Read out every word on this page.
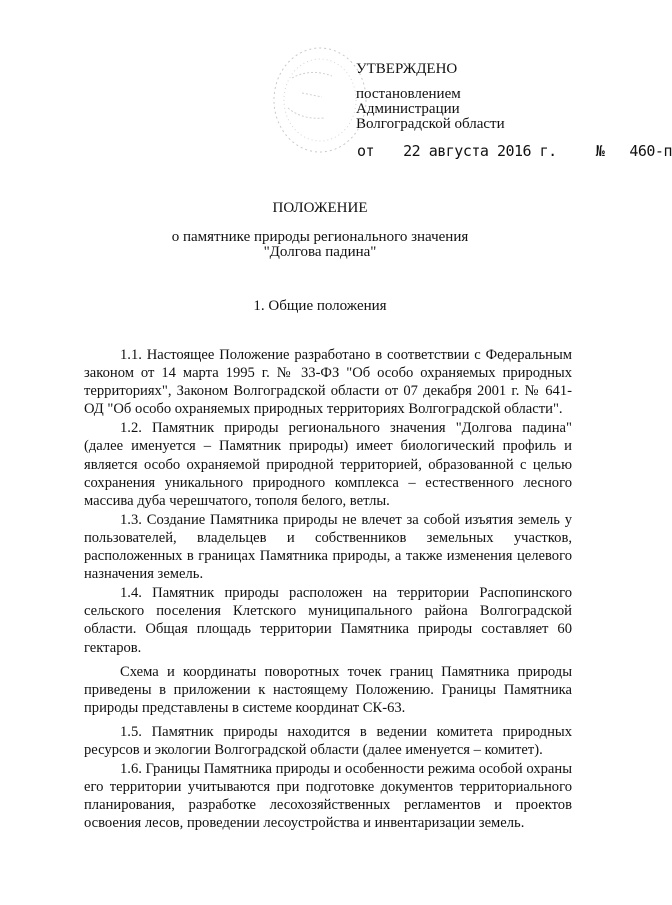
УТВЕРЖДЕНО
постановлением
Администрации
Волгоградской области
от 22 августа 2016 г.	№ 460-п
ПОЛОЖЕНИЕ
о памятнике природы регионального значения
"Долгова падина"
1. Общие положения

1.1. Настоящее Положение разработано в соответствии с Федеральным законом от 14 марта 1995 г. № 33-ФЗ "Об особо охраняемых природных территориях", Законом Волгоградской области от 07 декабря 2001 г. № 641-ОД "Об особо охраняемых природных территориях Волгоградской области".

1.2. Памятник природы регионального значения "Долгова падина" (далее именуется – Памятник природы) имеет биологический профиль и является особо охраняемой природной территорией, образованной с целью сохранения уникального природного комплекса – естественного лесного массива дуба черешчатого, тополя белого, ветлы.

1.3. Создание Памятника природы не влечет за собой изъятия земель у пользователей, владельцев и собственников земельных участков, расположенных в границах Памятника природы, а также изменения целевого назначения земель.

1.4. Памятник природы расположен на территории Распопинского сельского поселения Клетского муниципального района Волгоградской области. Общая площадь территории Памятника природы составляет 60 гектаров.

Схема и координаты поворотных точек границ Памятника природы приведены в приложении к настоящему Положению. Границы Памятника природы представлены в системе координат СК-63.

1.5. Памятник природы находится в ведении комитета природных ресурсов и экологии Волгоградской области (далее именуется – комитет).

1.6. Границы Памятника природы и особенности режима особой охраны его территории учитываются при подготовке документов территориального планирования, разработке лесохозяйственных регламентов и проектов освоения лесов, проведении лесоустройства и инвентаризации земель.
